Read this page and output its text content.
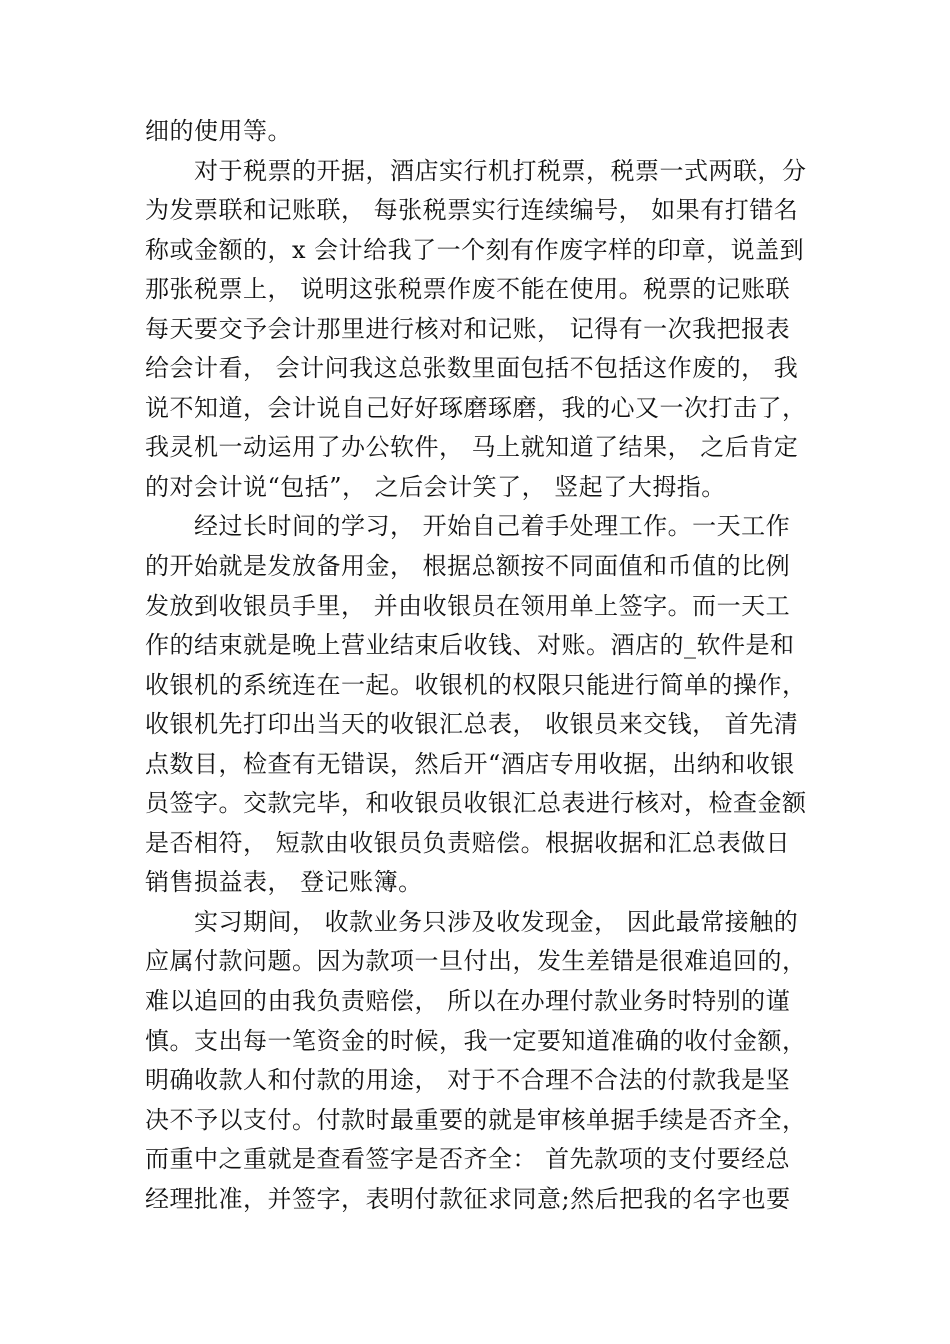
细的使用等。
　　对于税票的开据，酒店实行机打税票，税票一式两联，分
为发票联和记账联， 每张税票实行连续编号， 如果有打错名
称或金额的，x 会计给我了一个刻有作废字样的印章，说盖到
那张税票上， 说明这张税票作废不能在使用。税票的记账联
每天要交予会计那里进行核对和记账， 记得有一次我把报表
给会计看， 会计问我这总张数里面包括不包括这作废的， 我
说不知道，会计说自己好好琢磨琢磨，我的心又一次打击了，
我灵机一动运用了办公软件， 马上就知道了结果， 之后肯定
的对会计说“包括”， 之后会计笑了， 竖起了大拇指。
　　经过长时间的学习， 开始自己着手处理工作。一天工作
的开始就是发放备用金， 根据总额按不同面值和币值的比例
发放到收银员手里， 并由收银员在领用单上签字。而一天工
作的结束就是晚上营业结束后收钱、对账。酒店的_软件是和
收银机的系统连在一起。收银机的权限只能进行简单的操作，
收银机先打印出当天的收银汇总表， 收银员来交钱， 首先清
点数目，检查有无错误，然后开“酒店专用收据，出纳和收银
员签字。交款完毕，和收银员收银汇总表进行核对，检查金额
是否相符， 短款由收银员负责赔偿。根据收据和汇总表做日
销售损益表， 登记账簿。
　　实习期间， 收款业务只涉及收发现金， 因此最常接触的
应属付款问题。因为款项一旦付出，发生差错是很难追回的，
难以追回的由我负责赔偿， 所以在办理付款业务时特别的谨
慎。支出每一笔资金的时候，我一定要知道准确的收付金额，
明确收款人和付款的用途， 对于不合理不合法的付款我是坚
决不予以支付。付款时最重要的就是审核单据手续是否齐全，
而重中之重就是查看签字是否齐全： 首先款项的支付要经总
经理批准，并签字，表明付款征求同意;然后把我的名字也要
